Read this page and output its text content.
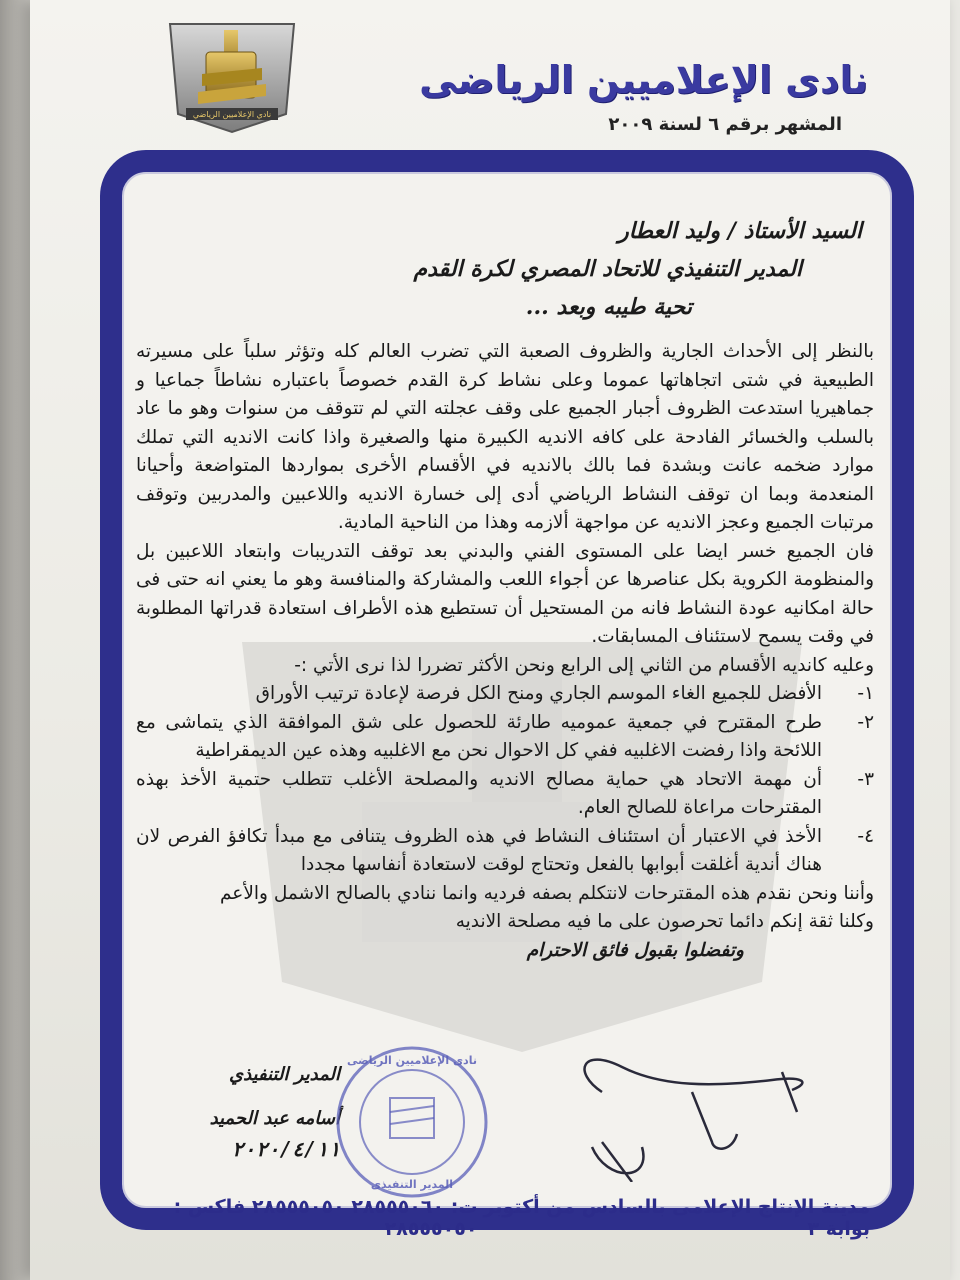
نادي الإعلاميين الرياضي
نادى الإعلاميين الرياضى
المشهر برقم ٦ لسنة ٢٠٠٩
السيد الأستاذ / وليد العطار
المدير التنفيذي للاتحاد المصري لكرة القدم
تحية طيبه وبعد ...

بالنظر إلى الأحداث الجارية والظروف الصعبة التي تضرب العالم كله وتؤثر سلباً على مسيرته الطبيعية في شتى اتجاهاتها عموما وعلى نشاط كرة القدم خصوصاً باعتباره نشاطاً جماعيا و جماهيريا استدعت الظروف أجبار الجميع على وقف عجلته التي لم تتوقف من سنوات وهو ما عاد بالسلب والخسائر الفادحة على كافه الانديه الكبيرة منها والصغيرة واذا كانت الانديه التي تملك موارد ضخمه عانت وبشدة فما بالك بالانديه في الأقسام الأخرى بمواردها المتواضعة وأحيانا المنعدمة وبما ان توقف النشاط الرياضي أدى إلى خسارة الانديه واللاعبين والمدربين وتوقف مرتبات الجميع وعجز الانديه عن مواجهة ألازمه وهذا من الناحية المادية.

فان الجميع خسر ايضا على المستوى الفني والبدني بعد توقف التدريبات وابتعاد اللاعبين بل والمنظومة الكروية بكل عناصرها عن أجواء اللعب والمشاركة والمنافسة وهو ما يعني انه حتى فى حالة امكانيه عودة النشاط فانه من المستحيل أن تستطيع هذه الأطراف استعادة قدراتها المطلوبة في وقت يسمح لاستئناف المسابقات.

وعليه كانديه الأقسام من الثاني إلى الرابع ونحن الأكثر تضررا لذا نرى الأتي :-

١-
الأفضل للجميع الغاء الموسم الجاري ومنح الكل فرصة لإعادة ترتيب الأوراق
٢-
طرح المقترح في جمعية عموميه طارئة للحصول على شق الموافقة الذي يتماشى مع اللائحة واذا رفضت الاغلبيه ففي كل الاحوال نحن مع الاغلبيه وهذه عين الديمقراطية
٣-
أن مهمة الاتحاد هي حماية مصالح الانديه والمصلحة الأغلب تتطلب حتمية الأخذ بهذه المقترحات مراعاة للصالح العام.
٤-
الأخذ في الاعتبار أن استئناف النشاط في هذه الظروف يتنافى مع مبدأ تكافؤ الفرص لان هناك أندية أغلقت أبوابها بالفعل وتحتاج لوقت لاستعادة أنفاسها مجددا

وأننا ونحن نقدم هذه المقترحات لانتكلم بصفه فرديه وانما ننادي بالصالح الاشمل والأعم

وكلنا ثقة إنكم دائما تحرصون على ما فيه مصلحة الانديه

وتفضلوا بقبول فائق الاحترام

المدير التنفيذي
أسامه عبد الحميد
٢٠٢٠/٤/١١
نادى الإعلاميين الرياضى
المدير التنفيذى
مدينة الإنتاج الإعلامى بالسادس من أكتوبر بوابة ٣
ت: ٢٨٥٥٥٠٦٠ ٢٨٥٥٥٠٥٠ فاكس : ٢٨٥٥٥٠٥٠
